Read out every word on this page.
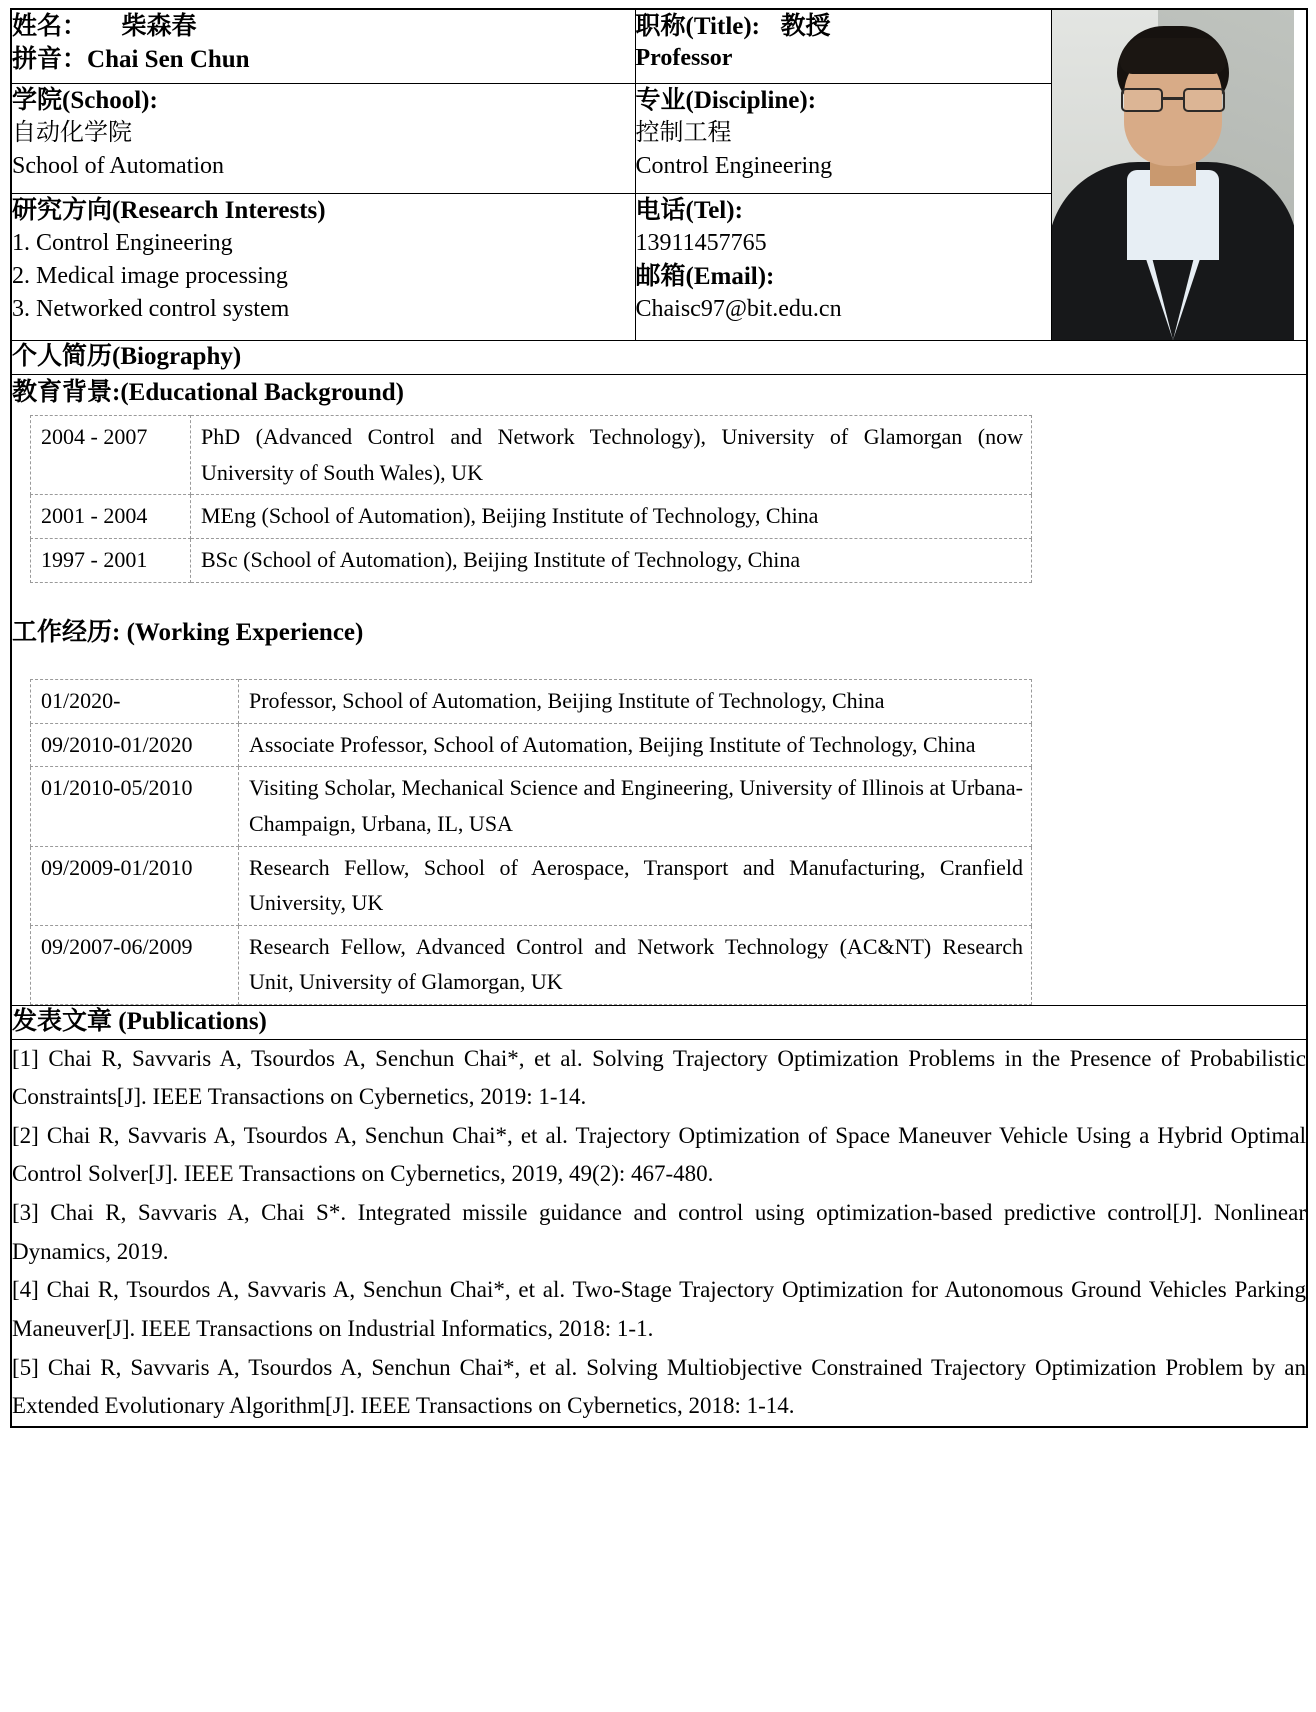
姓名： 柴森春
拼音：Chai Sen Chun

职称(Title): 教授
Professor

学院(School):
自动化学院
School of Automation

专业(Discipline):
控制工程
Control Engineering

研究方向(Research Interests)
1. Control Engineering
2. Medical image processing
3. Networked control system

电话(Tel):
13911457765
邮箱(Email):
Chaisc97@bit.edu.cn

个人简历(Biography)

教育背景:(Educational Background)
2004 - 2007	PhD (Advanced Control and Network Technology), University of Glamorgan (now University of South Wales), UK
2001 - 2004	MEng (School of Automation), Beijing Institute of Technology, China
1997 - 2001	BSc (School of Automation), Beijing Institute of Technology, China
工作经历: (Working Experience)
01/2020-	Professor, School of Automation, Beijing Institute of Technology, China
09/2010-01/2020	Associate Professor, School of Automation, Beijing Institute of Technology, China
01/2010-05/2010	Visiting Scholar, Mechanical Science and Engineering, University of Illinois at Urbana-Champaign, Urbana, IL, USA
09/2009-01/2010	Research Fellow, School of Aerospace, Transport and Manufacturing, Cranfield University, UK
09/2007-06/2009	Research Fellow, Advanced Control and Network Technology (AC&NT) Research Unit, University of Glamorgan, UK

发表文章 (Publications)

[1] Chai R, Savvaris A, Tsourdos A, Senchun Chai*, et al. Solving Trajectory Optimization Problems in the Presence of Probabilistic Constraints[J]. IEEE Transactions on Cybernetics, 2019: 1-14.

[2] Chai R, Savvaris A, Tsourdos A, Senchun Chai*, et al. Trajectory Optimization of Space Maneuver Vehicle Using a Hybrid Optimal Control Solver[J]. IEEE Transactions on Cybernetics, 2019, 49(2): 467-480.

[3] Chai R, Savvaris A, Chai S*. Integrated missile guidance and control using optimization-based predictive control[J]. Nonlinear Dynamics, 2019.

[4] Chai R, Tsourdos A, Savvaris A, Senchun Chai*, et al. Two-Stage Trajectory Optimization for Autonomous Ground Vehicles Parking Maneuver[J]. IEEE Transactions on Industrial Informatics, 2018: 1-1.

[5] Chai R, Savvaris A, Tsourdos A, Senchun Chai*, et al. Solving Multiobjective Constrained Trajectory Optimization Problem by an Extended Evolutionary Algorithm[J]. IEEE Transactions on Cybernetics, 2018: 1-14.
